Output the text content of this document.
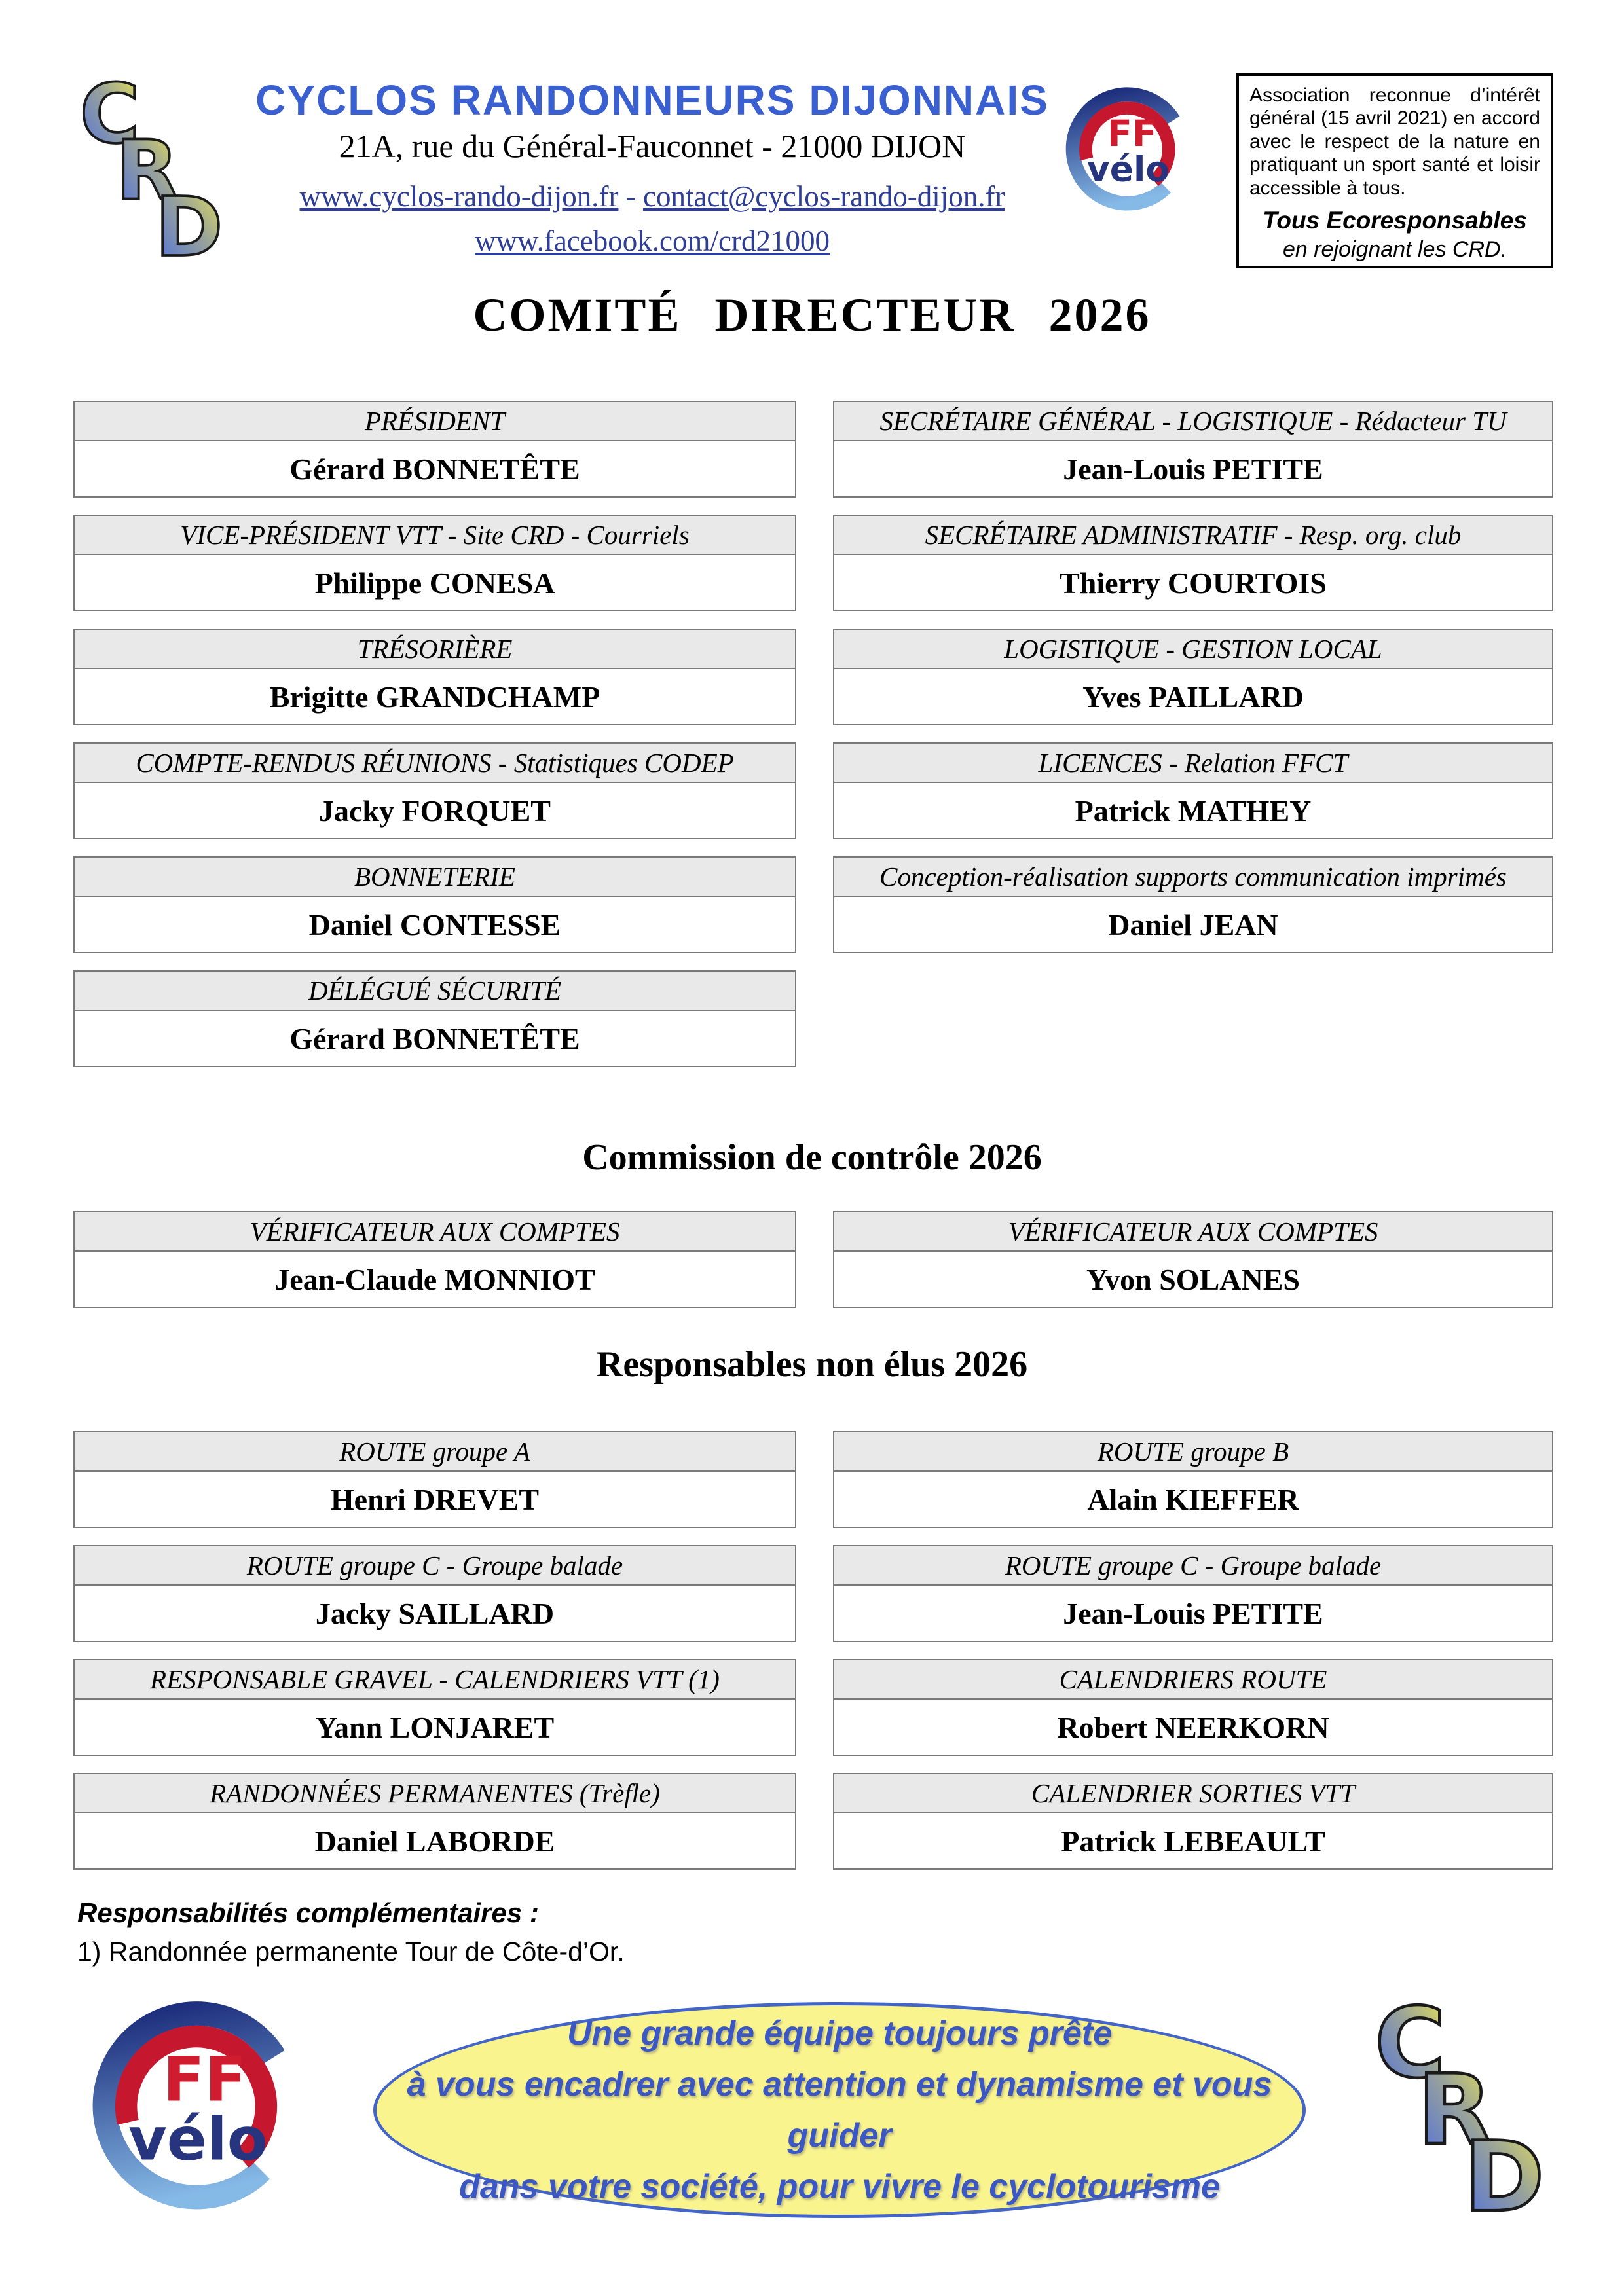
C
R
D
CYCLOS RANDONNEURS DIJONNAIS
21A, rue du Général-Fauconnet - 21000 DIJON
www.cyclos-rando-dijon.fr - contact@cyclos-rando-dijon.fr
www.facebook.com/crd21000
FF
vélo
Association reconnue d’intérêt général (15 avril 2021) en accord avec le respect de la nature en pratiquant un sport santé et loisir accessible à tous.
Tous Ecoresponsables
en rejoignant les CRD.
COMITÉ DIRECTEUR 2026
PRÉSIDENT
Gérard BONNETÊTE
VICE-PRÉSIDENT VTT - Site CRD - Courriels
Philippe CONESA
TRÉSORIÈRE
Brigitte GRANDCHAMP
COMPTE-RENDUS RÉUNIONS - Statistiques CODEP
Jacky FORQUET
BONNETERIE
Daniel CONTESSE
DÉLÉGUÉ SÉCURITÉ
Gérard BONNETÊTE
SECRÉTAIRE GÉNÉRAL - LOGISTIQUE - Rédacteur TU
Jean-Louis PETITE
SECRÉTAIRE ADMINISTRATIF - Resp. org. club
Thierry COURTOIS
LOGISTIQUE - GESTION LOCAL
Yves PAILLARD
LICENCES - Relation FFCT
Patrick MATHEY
Conception-réalisation supports communication imprimés
Daniel JEAN
Commission de contrôle 2026
VÉRIFICATEUR AUX COMPTES
Jean-Claude MONNIOT
VÉRIFICATEUR AUX COMPTES
Yvon SOLANES
Responsables non élus 2026
ROUTE groupe A
Henri DREVET
ROUTE groupe C - Groupe balade
Jacky SAILLARD
RESPONSABLE GRAVEL - CALENDRIERS VTT (1)
Yann LONJARET
RANDONNÉES PERMANENTES (Trèfle)
Daniel LABORDE
ROUTE groupe B
Alain KIEFFER
ROUTE groupe C - Groupe balade
Jean-Louis PETITE
CALENDRIERS ROUTE
Robert NEERKORN
CALENDRIER SORTIES VTT
Patrick LEBEAULT
Responsabilités complémentaires :
1) Randonnée permanente Tour de Côte-d’Or.
FF
vélo
Une grande équipe toujours prête
à vous encadrer avec attention et dynamisme et vous guider
dans votre société, pour vivre le cyclotourisme
C
R
D
